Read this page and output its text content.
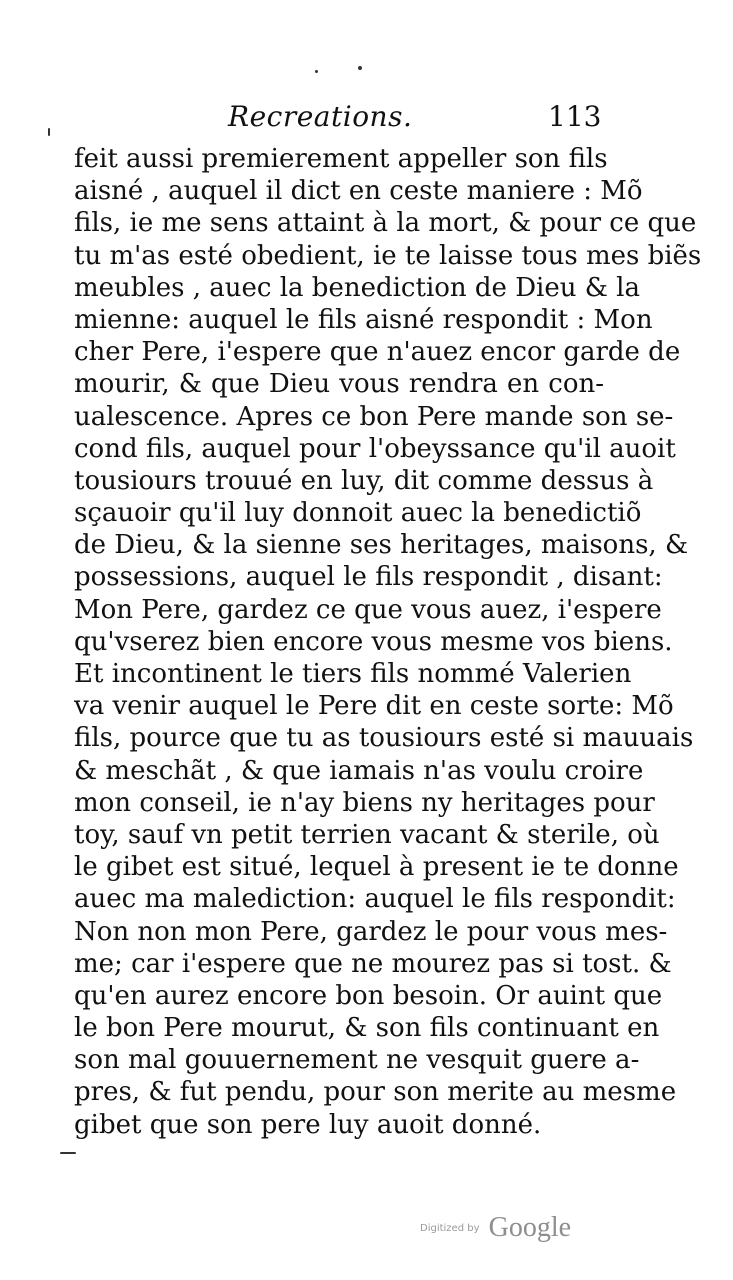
Recreations.	113
feit aussi premierement appeller son fils
aisné , auquel il dict en ceste maniere : Mõ
fils, ie me sens attaint à la mort, & pour ce que
tu m'as esté obedient, ie te laisse tous mes biẽs
meubles , auec la benediction de Dieu & la
mienne: auquel le fils aisné respondit : Mon
cher Pere, i'espere que n'auez encor garde de
mourir, & que Dieu vous rendra en con-
ualescence. Apres ce bon Pere mande son se-
cond fils, auquel pour l'obeyssance qu'il auoit
tousiours trouué en luy, dit comme dessus à
sçauoir qu'il luy donnoit auec la benedictiõ
de Dieu, & la sienne ses heritages, maisons, &
possessions, auquel le fils respondit , disant:
Mon Pere, gardez ce que vous auez, i'espere
qu'vserez bien encore vous mesme vos biens.
Et incontinent le tiers fils nommé Valerien
va venir auquel le Pere dit en ceste sorte: Mõ
fils, pource que tu as tousiours esté si mauuais
& meschãt , & que iamais n'as voulu croire
mon conseil, ie n'ay biens ny heritages pour
toy, sauf vn petit terrien vacant & sterile, où
le gibet est situé, lequel à present ie te donne
auec ma malediction: auquel le fils respondit:
Non non mon Pere, gardez le pour vous mes-
me; car i'espere que ne mourez pas si tost. &
qu'en aurez encore bon besoin. Or auint que
le bon Pere mourut, & son fils continuant en
son mal gouuernement ne vesquit guere a-
pres, & fut pendu, pour son merite au mesme
gibet que son pere luy auoit donné.
Digitized by Google
